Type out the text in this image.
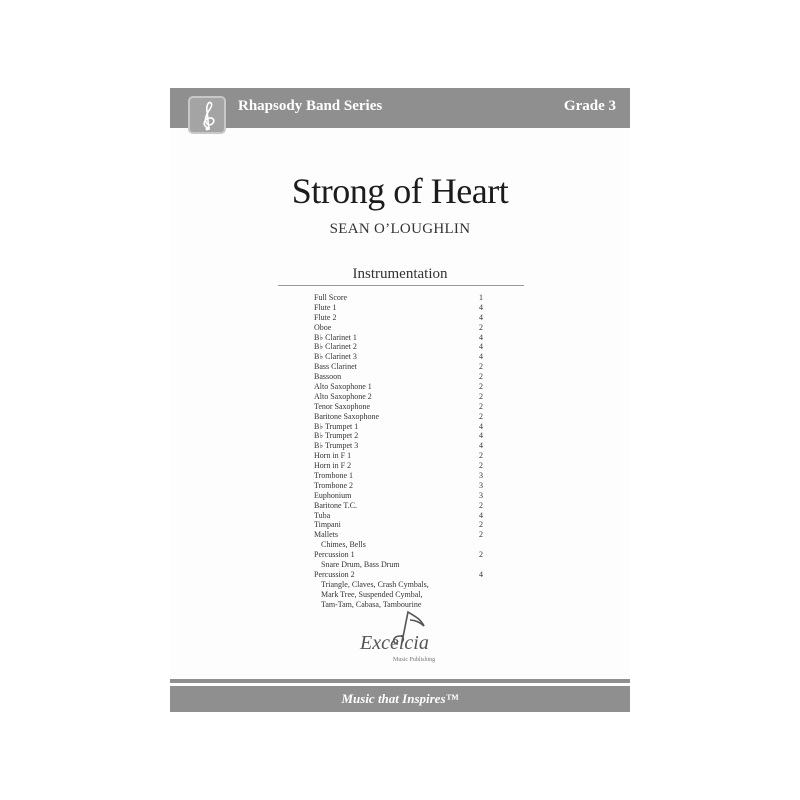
Rhapsody Band Series	Grade 3
Strong of Heart
SEAN O’LOUGHLIN
Instrumentation
Full Score	1
Flute 1	4
Flute 2	4
Oboe	2
B♭ Clarinet 1	4
B♭ Clarinet 2	4
B♭ Clarinet 3	4
Bass Clarinet	2
Bassoon	2
Alto Saxophone 1	2
Alto Saxophone 2	2
Tenor Saxophone	2
Baritone Saxophone	2
B♭ Trumpet 1	4
B♭ Trumpet 2	4
B♭ Trumpet 3	4
Horn in F 1	2
Horn in F 2	2
Trombone 1	3
Trombone 2	3
Euphonium	3
Baritone T.C.	2
Tuba	4
Timpani	2
Mallets	2
Chimes, Bells
Percussion 1	2
Snare Drum, Bass Drum
Percussion 2	4
Triangle, Claves, Crash Cymbals,
Mark Tree, Suspended Cymbal,
Tam-Tam, Cabasa, Tambourine
Excelcia
Music Publishing
Music that Inspires™
